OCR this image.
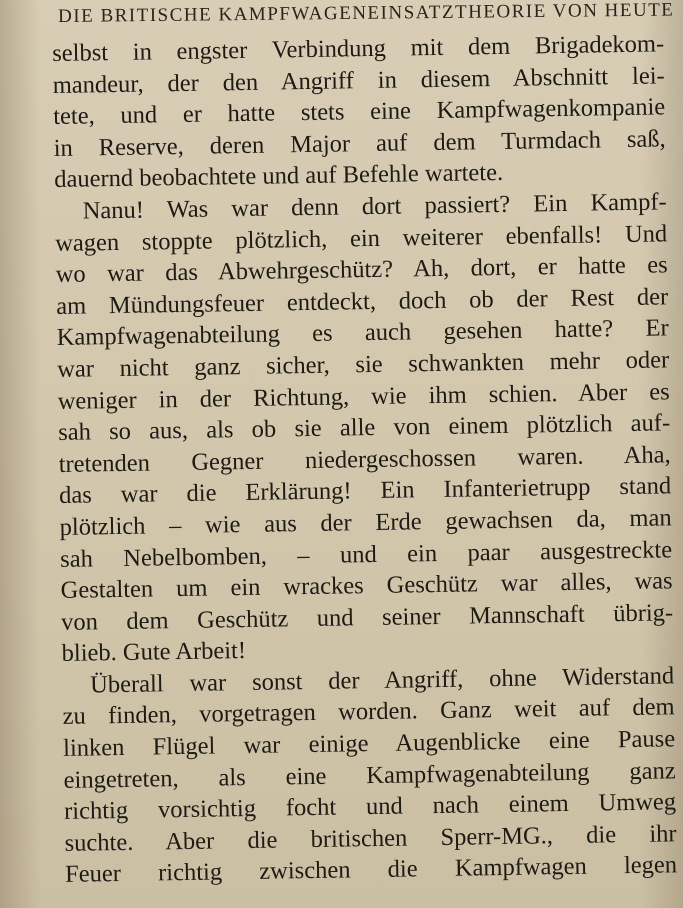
DIE BRITISCHE KAMPFWAGENEINSATZTHEORIE VON HEUTE
selbst in engster Verbindung mit dem Brigadekom-
mandeur, der den Angriff in diesem Abschnitt lei-
tete, und er hatte stets eine Kampfwagenkompanie
in Reserve, deren Major auf dem Turmdach saß,
dauernd beobachtete und auf Befehle wartete.
Nanu! Was war denn dort passiert? Ein Kampf-
wagen stoppte plötzlich, ein weiterer ebenfalls! Und
wo war das Abwehrgeschütz? Ah, dort, er hatte es
am Mündungsfeuer entdeckt, doch ob der Rest der
Kampfwagenabteilung es auch gesehen hatte? Er
war nicht ganz sicher, sie schwankten mehr oder
weniger in der Richtung, wie ihm schien. Aber es
sah so aus, als ob sie alle von einem plötzlich auf-
tretenden Gegner niedergeschossen waren. Aha,
das war die Erklärung! Ein Infanterietrupp stand
plötzlich – wie aus der Erde gewachsen da, man
sah Nebelbomben, – und ein paar ausgestreckte
Gestalten um ein wrackes Geschütz war alles, was
von dem Geschütz und seiner Mannschaft übrig-
blieb. Gute Arbeit!
Überall war sonst der Angriff, ohne Widerstand
zu finden, vorgetragen worden. Ganz weit auf dem
linken Flügel war einige Augenblicke eine Pause
eingetreten, als eine Kampfwagenabteilung ganz
richtig vorsichtig focht und nach einem Umweg
suchte. Aber die britischen Sperr-MG., die ihr
Feuer richtig zwischen die Kampfwagen legen
